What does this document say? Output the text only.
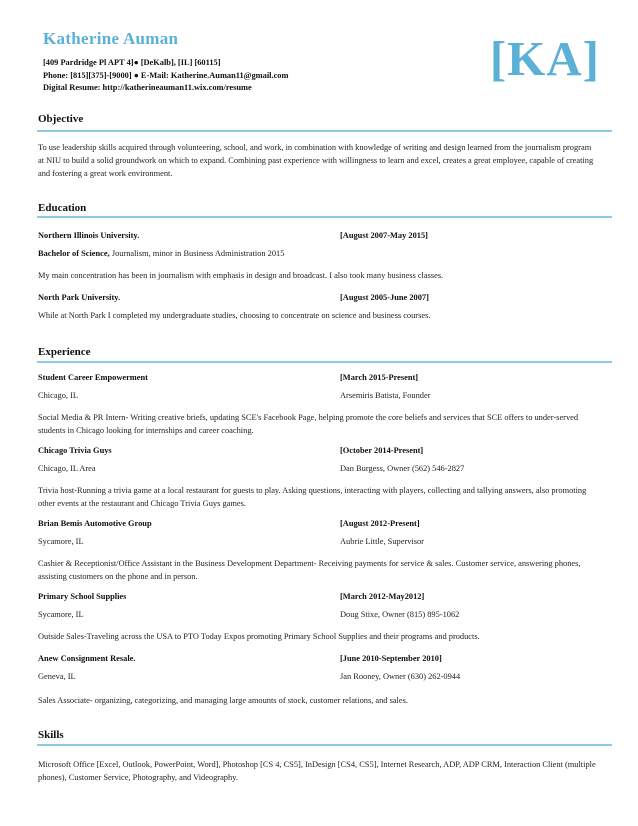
Katherine Auman
[409 Pardridge Pl APT 4]● [DeKalb], [IL] [60115]
Phone: [815][375]-[9000] ● E-Mail: Katherine.Auman11@gmail.com
Digital Resume: http://katherineauman11.wix.com/resume
[KA]
Objective
To use leadership skills acquired through volunteering, school, and work, in combination with knowledge of writing and design learned from the journalism program at NIU to build a solid groundwork on which to expand. Combining past experience with willingness to learn and excel, creates a great employee, capable of creating and fostering a great work environment.
Education
Northern Illinois University.	[August 2007-May 2015]
Bachelor of Science, Journalism, minor in Business Administration 2015
My main concentration has been in journalism with emphasis in design and broadcast. I also took many business classes.
North Park University.	[August 2005-June 2007]
While at North Park I completed my undergraduate studies, choosing to concentrate on science and business courses.
Experience
Student Career Empowerment	[March 2015-Present]
Chicago, IL	Arsemiris Batista, Founder
Social Media & PR Intern- Writing creative briefs, updating SCE's Facebook Page, helping promote the core beliefs and services that SCE offers to under-served students in Chicago looking for internships and career coaching.
Chicago Trivia Guys	[October 2014-Present]
Chicago, IL Area	Dan Burgess, Owner (562) 546-2827
Trivia host-Running a trivia game at a local restaurant for guests to play. Asking questions, interacting with players, collecting and tallying answers, also promoting other events at the restaurant and Chicago Trivia Guys games.
Brian Bemis Automotive Group	[August 2012-Present]
Sycamore, IL	Aubrie Little, Supervisor
Cashier & Receptionist/Office Assistant in the Business Development Department- Receiving payments for service & sales. Customer service, answering phones, assisting customers on the phone and in person.
Primary School Supplies	[March 2012-May2012]
Sycamore, IL	Doug Stixe, Owner (815) 895-1062
Outside Sales-Traveling across the USA to PTO Today Expos promoting Primary School Supplies and their programs and products.
Anew Consignment Resale.	[June 2010-September 2010]
Geneva, IL	Jan Rooney, Owner (630) 262-0944
Sales Associate- organizing, categorizing, and managing large amounts of stock, customer relations, and sales.
Skills
Microsoft Office [Excel, Outlook, PowerPoint, Word], Photoshop [CS 4, CS5], InDesign [CS4, CS5], Internet Research, ADP, ADP CRM, Interaction Client (multiple phones), Customer Service, Photography, and Videography.
